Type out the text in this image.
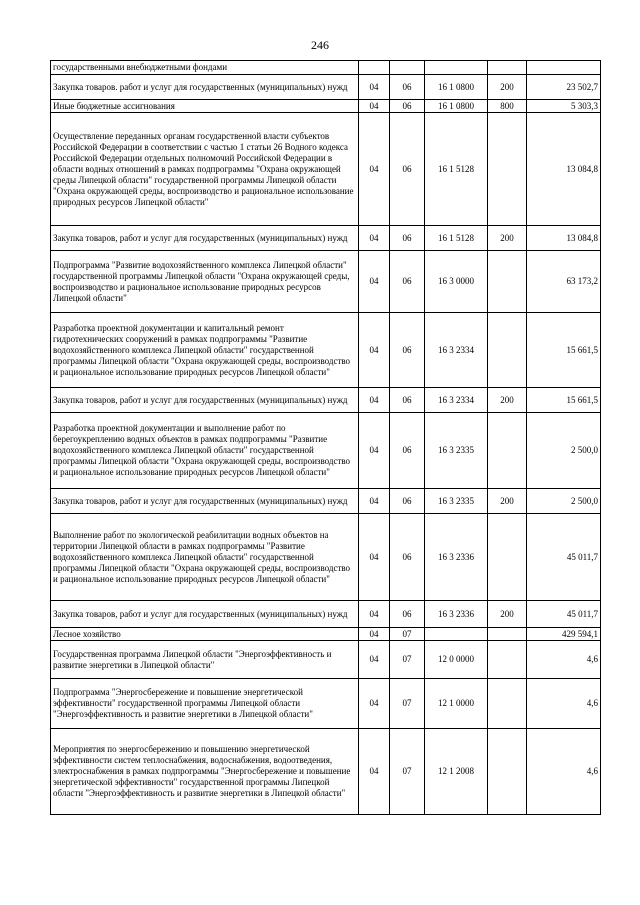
246
государственными внебюджетными фондами					
Закупка товаров. работ и услуг для государственных (муниципальных) нужд	04	06	16 1 0800	200	23 502,7
Иные бюджетные ассигнования	04	06	16 1 0800	800	5 303,3
Осуществление переданных органам государственной власти субъектов Российской Федерации в соответствии с частью 1 статьи 26 Водного кодекса Российской Федерации отдельных полномочий Российской Федерации в области водных отношений в рамках подпрограммы "Охрана окружающей среды Липецкой области" государственной программы Липецкой области "Охрана окружающей среды, воспроизводство и рациональное использование природных ресурсов Липецкой области"	04	06	16 1 5128		13 084,8
Закупка товаров, работ и услуг для государственных (муниципальных) нужд	04	06	16 1 5128	200	13 084,8
Подпрограмма "Развитие водохозяйственного комплекса Липецкой области" государственной программы Липецкой области "Охрана окружающей среды, воспроизводство и рациональное использование природных ресурсов Липецкой области"	04	06	16 3 0000		63 173,2
Разработка проектной документации и капитальный ремонт гидротехнических сооружений в рамках подпрограммы "Развитие водохозяйственного комплекса Липецкой области" государственной программы Липецкой области "Охрана окружающей среды, воспроизводство и рациональное использование природных ресурсов Липецкой области"	04	06	16 3 2334		15 661,5
Закупка товаров, работ и услуг для государственных (муниципальных) нужд	04	06	16 3 2334	200	15 661,5
Разработка проектной документации и выполнение работ по берегоукреплению водных объектов в рамках подпрограммы "Развитие водохозяйственного комплекса Липецкой области" государственной программы Липецкой области "Охрана окружающей среды, воспроизводство и рациональное использование природных ресурсов Липецкой области"	04	06	16 3 2335		2 500,0
Закупка товаров, работ и услуг для государственных (муниципальных) нужд	04	06	16 3 2335	200	2 500,0
Выполнение работ по экологической реабилитации водных объектов на территории Липецкой области в рамках подпрограммы "Развитие водохозяйственного комплекса Липецкой области" государственной программы Липецкой области "Охрана окружающей среды, воспроизводство и рациональное использование природных ресурсов Липецкой области"	04	06	16 3 2336		45 011,7
Закупка товаров, работ и услуг для государственных (муниципальных) нужд	04	06	16 3 2336	200	45 011,7
Лесное хозяйство	04	07			429 594,1
Государственная программа Липецкой области "Энергоэффективность и развитие энергетики в Липецкой области"	04	07	12 0 0000		4,6
Подпрограмма "Энергосбережение и повышение энергетической эффективности" государственной программы Липецкой области "Энергоэффективность и развитие энергетики в Липецкой области"	04	07	12 1 0000		4,6
Мероприятия по энергосбережению и повышению энергетической эффективности систем теплоснабжения, водоснабжения, водоотведения, электроснабжения в рамках подпрограммы "Энергосбережение и повышение энергетической эффективности" государственной программы Липецкой области "Энергоэффективность и развитие энергетики в Липецкой области"	04	07	12 1 2008		4,6
